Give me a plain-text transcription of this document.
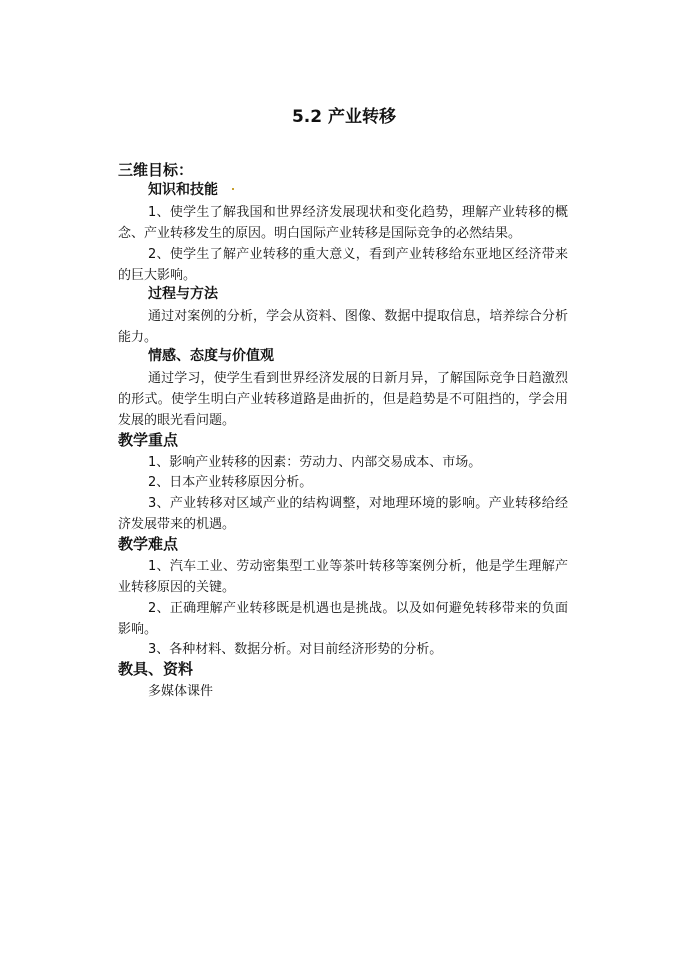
5.2 产业转移
三维目标：
知识和技能

1、使学生了解我国和世界经济发展现状和变化趋势，理解产业转移的概念、产业转移发生的原因。明白国际产业转移是国际竞争的必然结果。

2、使学生了解产业转移的重大意义，看到产业转移给东亚地区经济带来的巨大影响。

过程与方法

通过对案例的分析，学会从资料、图像、数据中提取信息，培养综合分析能力。

情感、态度与价值观

通过学习，使学生看到世界经济发展的日新月异，了解国际竞争日趋激烈的形式。使学生明白产业转移道路是曲折的，但是趋势是不可阻挡的，学会用发展的眼光看问题。

教学重点

1、影响产业转移的因素：劳动力、内部交易成本、市场。

2、日本产业转移原因分析。

3、产业转移对区域产业的结构调整，对地理环境的影响。产业转移给经济发展带来的机遇。

教学难点

1、汽车工业、劳动密集型工业等茶叶转移等案例分析，他是学生理解产业转移原因的关键。

2、正确理解产业转移既是机遇也是挑战。以及如何避免转移带来的负面影响。

3、各种材料、数据分析。对目前经济形势的分析。

教具、资料

多媒体课件
